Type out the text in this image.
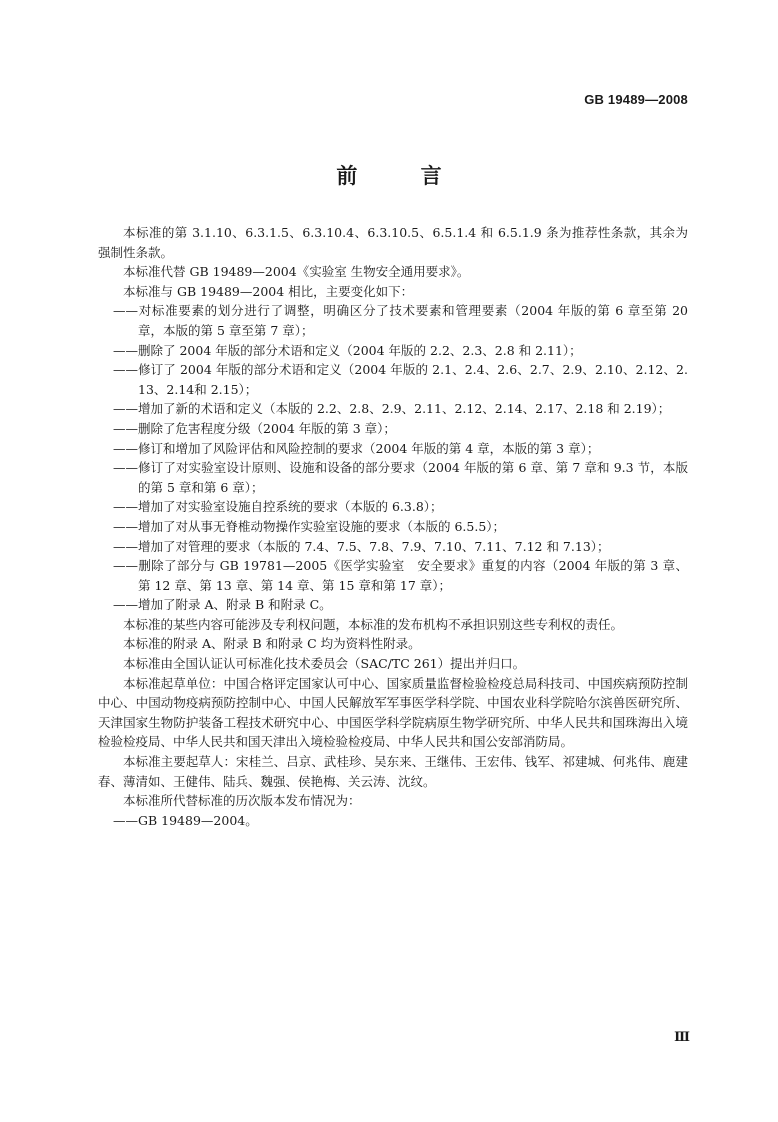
GB 19489—2008
前 言

本标准的第 3.1.10、6.3.1.5、6.3.10.4、6.3.10.5、6.5.1.4 和 6.5.1.9 条为推荐性条款，其余为强制性条款。

本标准代替 GB 19489—2004《实验室 生物安全通用要求》。

本标准与 GB 19489—2004 相比，主要变化如下：

——对标准要素的划分进行了调整，明确区分了技术要素和管理要素（2004 年版的第 6 章至第 20 章，本版的第 5 章至第 7 章）；

——删除了 2004 年版的部分术语和定义（2004 年版的 2.2、2.3、2.8 和 2.11）；

——修订了 2004 年版的部分术语和定义（2004 年版的 2.1、2.4、2.6、2.7、2.9、2.10、2.12、2.13、2.14和 2.15）；

——增加了新的术语和定义（本版的 2.2、2.8、2.9、2.11、2.12、2.14、2.17、2.18 和 2.19）；

——删除了危害程度分级（2004 年版的第 3 章）；

——修订和增加了风险评估和风险控制的要求（2004 年版的第 4 章，本版的第 3 章）；

——修订了对实验室设计原则、设施和设备的部分要求（2004 年版的第 6 章、第 7 章和 9.3 节，本版的第 5 章和第 6 章）；

——增加了对实验室设施自控系统的要求（本版的 6.3.8）；

——增加了对从事无脊椎动物操作实验室设施的要求（本版的 6.5.5）；

——增加了对管理的要求（本版的 7.4、7.5、7.8、7.9、7.10、7.11、7.12 和 7.13）；

——删除了部分与 GB 19781—2005《医学实验室　安全要求》重复的内容（2004 年版的第 3 章、第 12 章、第 13 章、第 14 章、第 15 章和第 17 章）；

——增加了附录 A、附录 B 和附录 C。

本标准的某些内容可能涉及专利权问题，本标准的发布机构不承担识别这些专利权的责任。

本标准的附录 A、附录 B 和附录 C 均为资料性附录。

本标准由全国认证认可标准化技术委员会（SAC/TC 261）提出并归口。

本标准起草单位：中国合格评定国家认可中心、国家质量监督检验检疫总局科技司、中国疾病预防控制中心、中国动物疫病预防控制中心、中国人民解放军军事医学科学院、中国农业科学院哈尔滨兽医研究所、天津国家生物防护装备工程技术研究中心、中国医学科学院病原生物学研究所、中华人民共和国珠海出入境检验检疫局、中华人民共和国天津出入境检验检疫局、中华人民共和国公安部消防局。

本标准主要起草人：宋桂兰、吕京、武桂珍、吴东来、王继伟、王宏伟、钱军、祁建城、何兆伟、鹿建春、薄清如、王健伟、陆兵、魏强、侯艳梅、关云涛、沈纹。

本标准所代替标准的历次版本发布情况为：

——GB 19489—2004。

Ⅲ
